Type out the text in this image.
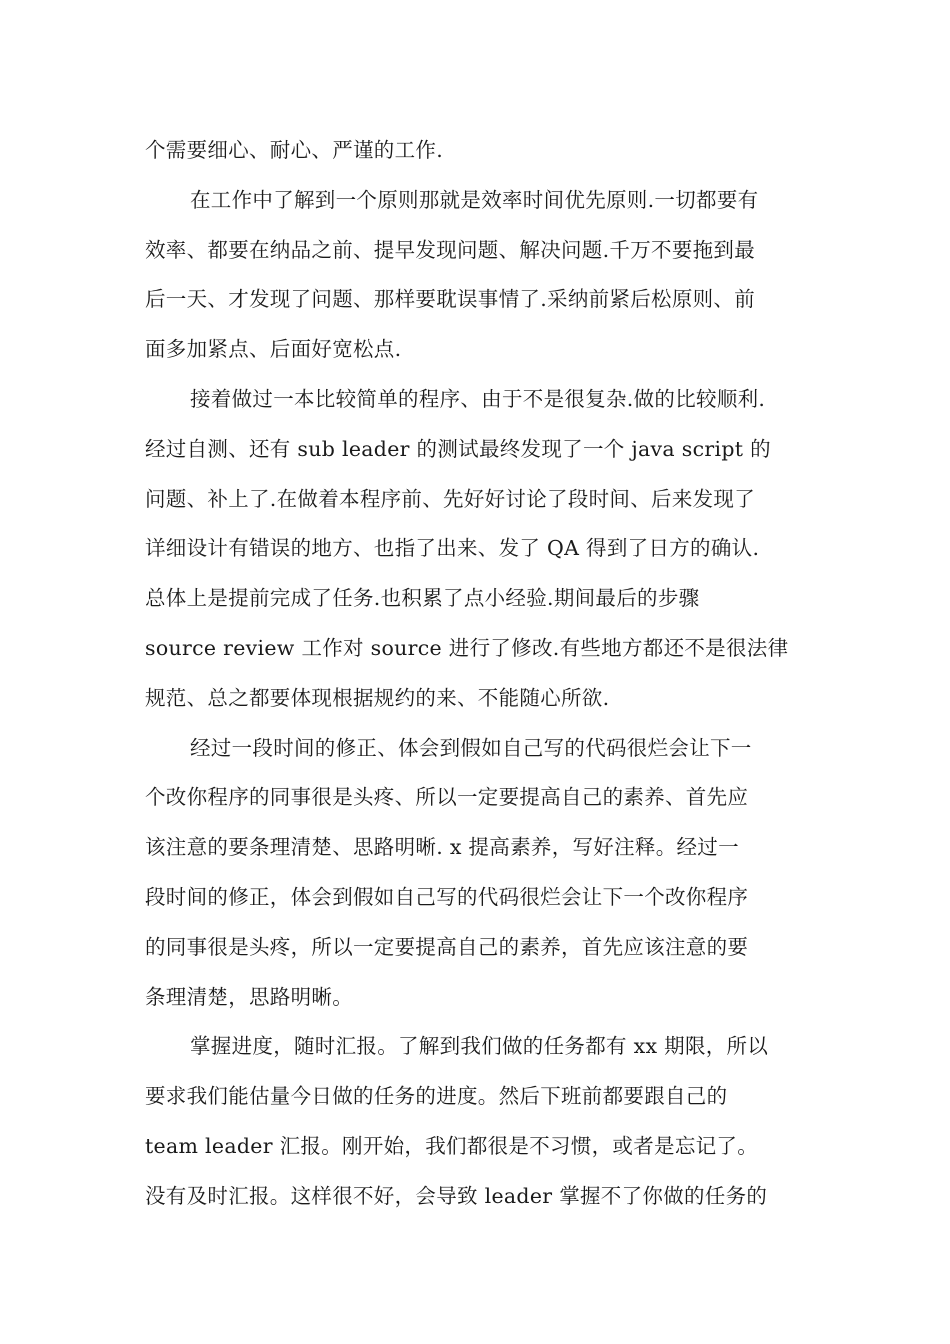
个需要细心、耐心、严谨的工作.
在工作中了解到一个原则那就是效率时间优先原则.一切都要有
效率、都要在纳品之前、提早发现问题、解决问题.千万不要拖到最
后一天、才发现了问题、那样要耽误事情了.采纳前紧后松原则、前
面多加紧点、后面好宽松点.
接着做过一本比较简单的程序、由于不是很复杂.做的比较顺利.
经过自测、还有 sub leader 的测试最终发现了一个 java script 的
问题、补上了.在做着本程序前、先好好讨论了段时间、后来发现了
详细设计有错误的地方、也指了出来、发了 QA 得到了日方的确认.
总体上是提前完成了任务.也积累了点小经验.期间最后的步骤
source review 工作对 source 进行了修改.有些地方都还不是很法律
规范、总之都要体现根据规约的来、不能随心所欲.
经过一段时间的修正、体会到假如自己写的代码很烂会让下一
个改你程序的同事很是头疼、所以一定要提高自己的素养、首先应
该注意的要条理清楚、思路明晰. x 提高素养，写好注释。经过一
段时间的修正，体会到假如自己写的代码很烂会让下一个改你程序
的同事很是头疼，所以一定要提高自己的素养，首先应该注意的要
条理清楚，思路明晰。
掌握进度，随时汇报。了解到我们做的任务都有 xx 期限，所以
要求我们能估量今日做的任务的进度。然后下班前都要跟自己的
team leader 汇报。刚开始，我们都很是不习惯，或者是忘记了。
没有及时汇报。这样很不好，会导致 leader 掌握不了你做的任务的
